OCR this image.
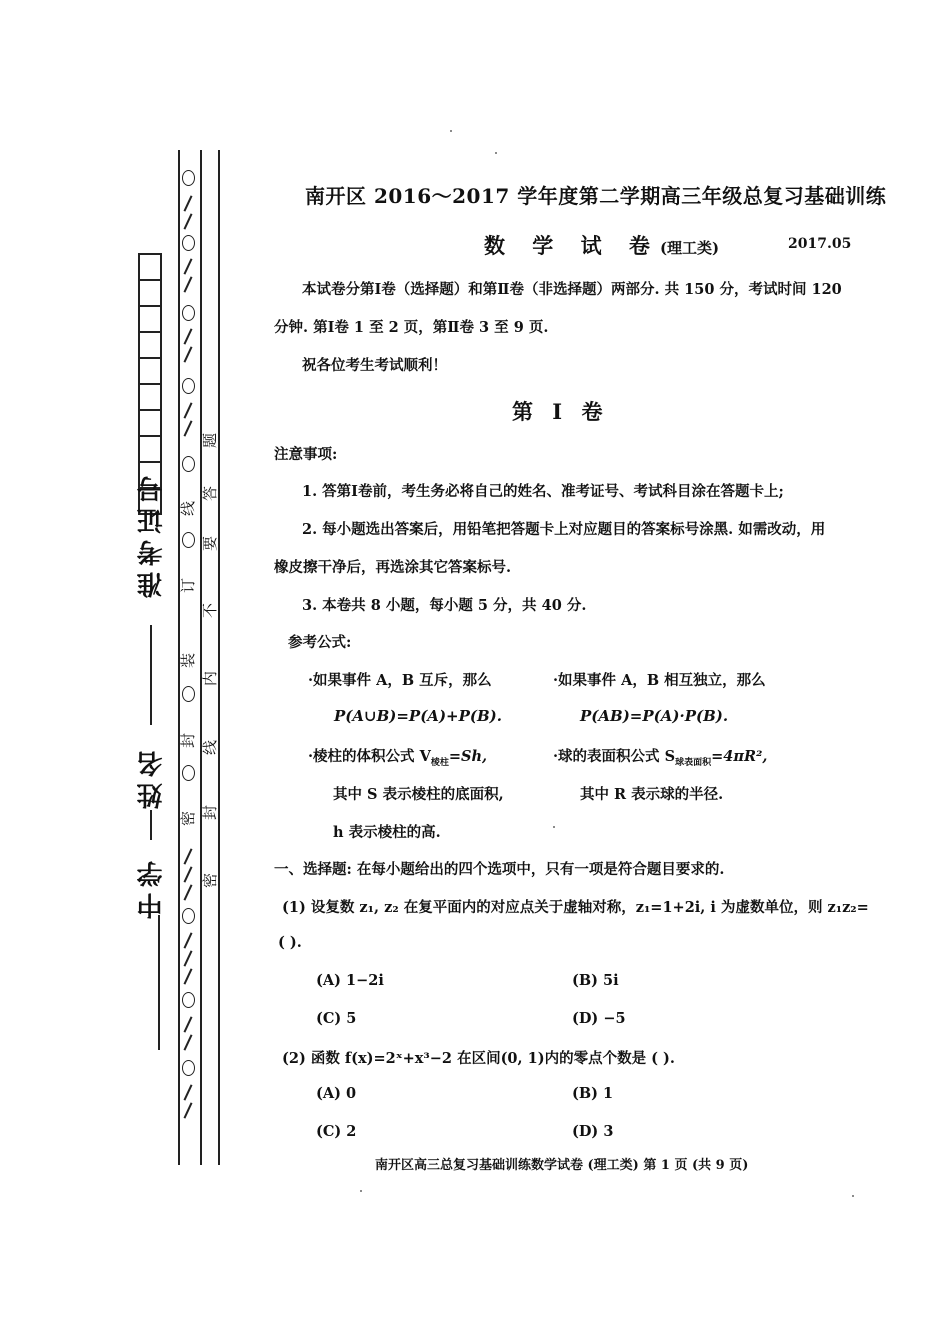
准考证号
姓名
中学
线
订
装
封
密
题
答
要
不
内
线
封
密
南开区 2016～2017 学年度第二学期高三年级总复习基础训练
数 学 试 卷(理工类)	2017.05
本试卷分第Ⅰ卷（选择题）和第Ⅱ卷（非选择题）两部分. 共 150 分，考试时间 120
分钟. 第Ⅰ卷 1 至 2 页，第Ⅱ卷 3 至 9 页.
祝各位考生考试顺利！
第 Ⅰ 卷
注意事项:
1. 答第Ⅰ卷前，考生务必将自己的姓名、准考证号、考试科目涂在答题卡上;
2. 每小题选出答案后，用铅笔把答题卡上对应题目的答案标号涂黑. 如需改动，用
橡皮擦干净后，再选涂其它答案标号.
3. 本卷共 8 小题，每小题 5 分，共 40 分.
参考公式:
·如果事件 A，B 互斥，那么
P(A∪B)=P(A)+P(B).
·如果事件 A，B 相互独立，那么
P(AB)=P(A)·P(B).
·棱柱的体积公式 $V_{棱柱}=Sh$,	·球的表面积公式 $S_{球表面积}=4\pi R^2$,
其中 S 表示棱柱的底面积,	其中 R 表示球的半径.
h 表示棱柱的高.
一、选择题: 在每小题给出的四个选项中，只有一项是符合题目要求的.
(1) 设复数 z₁, z₂ 在复平面内的对应点关于虚轴对称，z₁=1+2i, i 为虚数单位，则 z₁z₂=
( ).
(A) 1−2i	(B) 5i
(C) 5	(D) −5
(2) 函数 f(x)=2ˣ+x³−2 在区间(0, 1)内的零点个数是 ( ).
(A) 0	(B) 1
(C) 2	(D) 3
南开区高三总复习基础训练数学试卷 (理工类) 第 1 页 (共 9 页)
